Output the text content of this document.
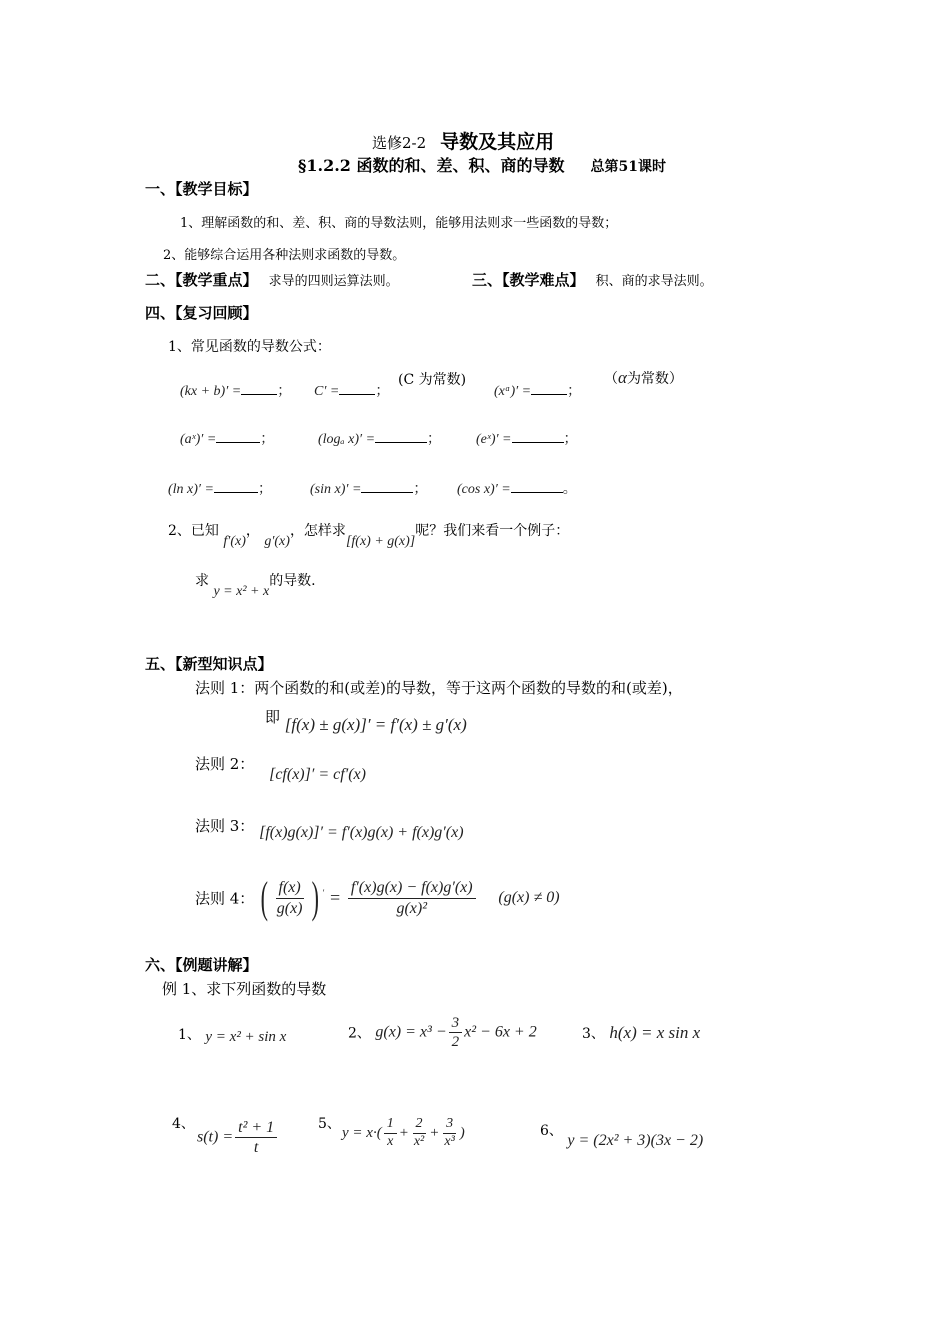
选修2-2 导数及其应用
§1.2.2 函数的和、差、积、商的导数 总第51课时
一、【教学目标】
1、理解函数的和、差、积、商的导数法则，能够用法则求一些函数的导数；
2、能够综合运用各种法则求函数的导数。
二、【教学重点】 求导的四则运算法则。	三、【教学难点】 积、商的求导法则。
四、【复习回顾】
1、常见函数的导数公式：
(kx + b)′ =	； C′ =	；
(C 为常数)
(xᵅ)′ =	；
（α为常数）
(aˣ)′ =	；	(logₐ x)′ =	； (eˣ)′ =	；
(ln x)′ =	；	(sin x)′ =	； (cos x)′ =	。
2、已知 f′(x)， g′(x)，怎样求[f(x) + g(x)]呢？我们来看一个例子：
求 y = x² + x的导数.
五、【新型知识点】
法则 1：两个函数的和(或差)的导数，等于这两个函数的导数的和(或差)，
即 [f(x) ± g(x)]′ = f′(x) ± g′(x)
法则 2： [cf(x)]′ = cf′(x)
法则 3： [f(x)g(x)]′ = f′(x)g(x) + f(x)g′(x)
法则 4： ( $\frac{f(x)}{g(x)}$ ) $' = \frac{f'(x)g(x) - f(x)g'(x)}{\text{g(x)²}} (g(x) \ne 0)$
六、【例题讲解】
例 1、求下列函数的导数
1、 y = x² + sin x	2、 $g(x) = x^3 - \frac{3}{2} x^2 - 6x + 2$	3、 h(x) = x sin x
4、
$s(t) = \frac{\text{t² + 1}}{t}$	5、
$y = x\cdot( \frac{1}{x} + \frac{2}{\text{x²}} + \frac{3}{\text{x³}}$ )	6、 y = (2x² + 3)(3x − 2)
